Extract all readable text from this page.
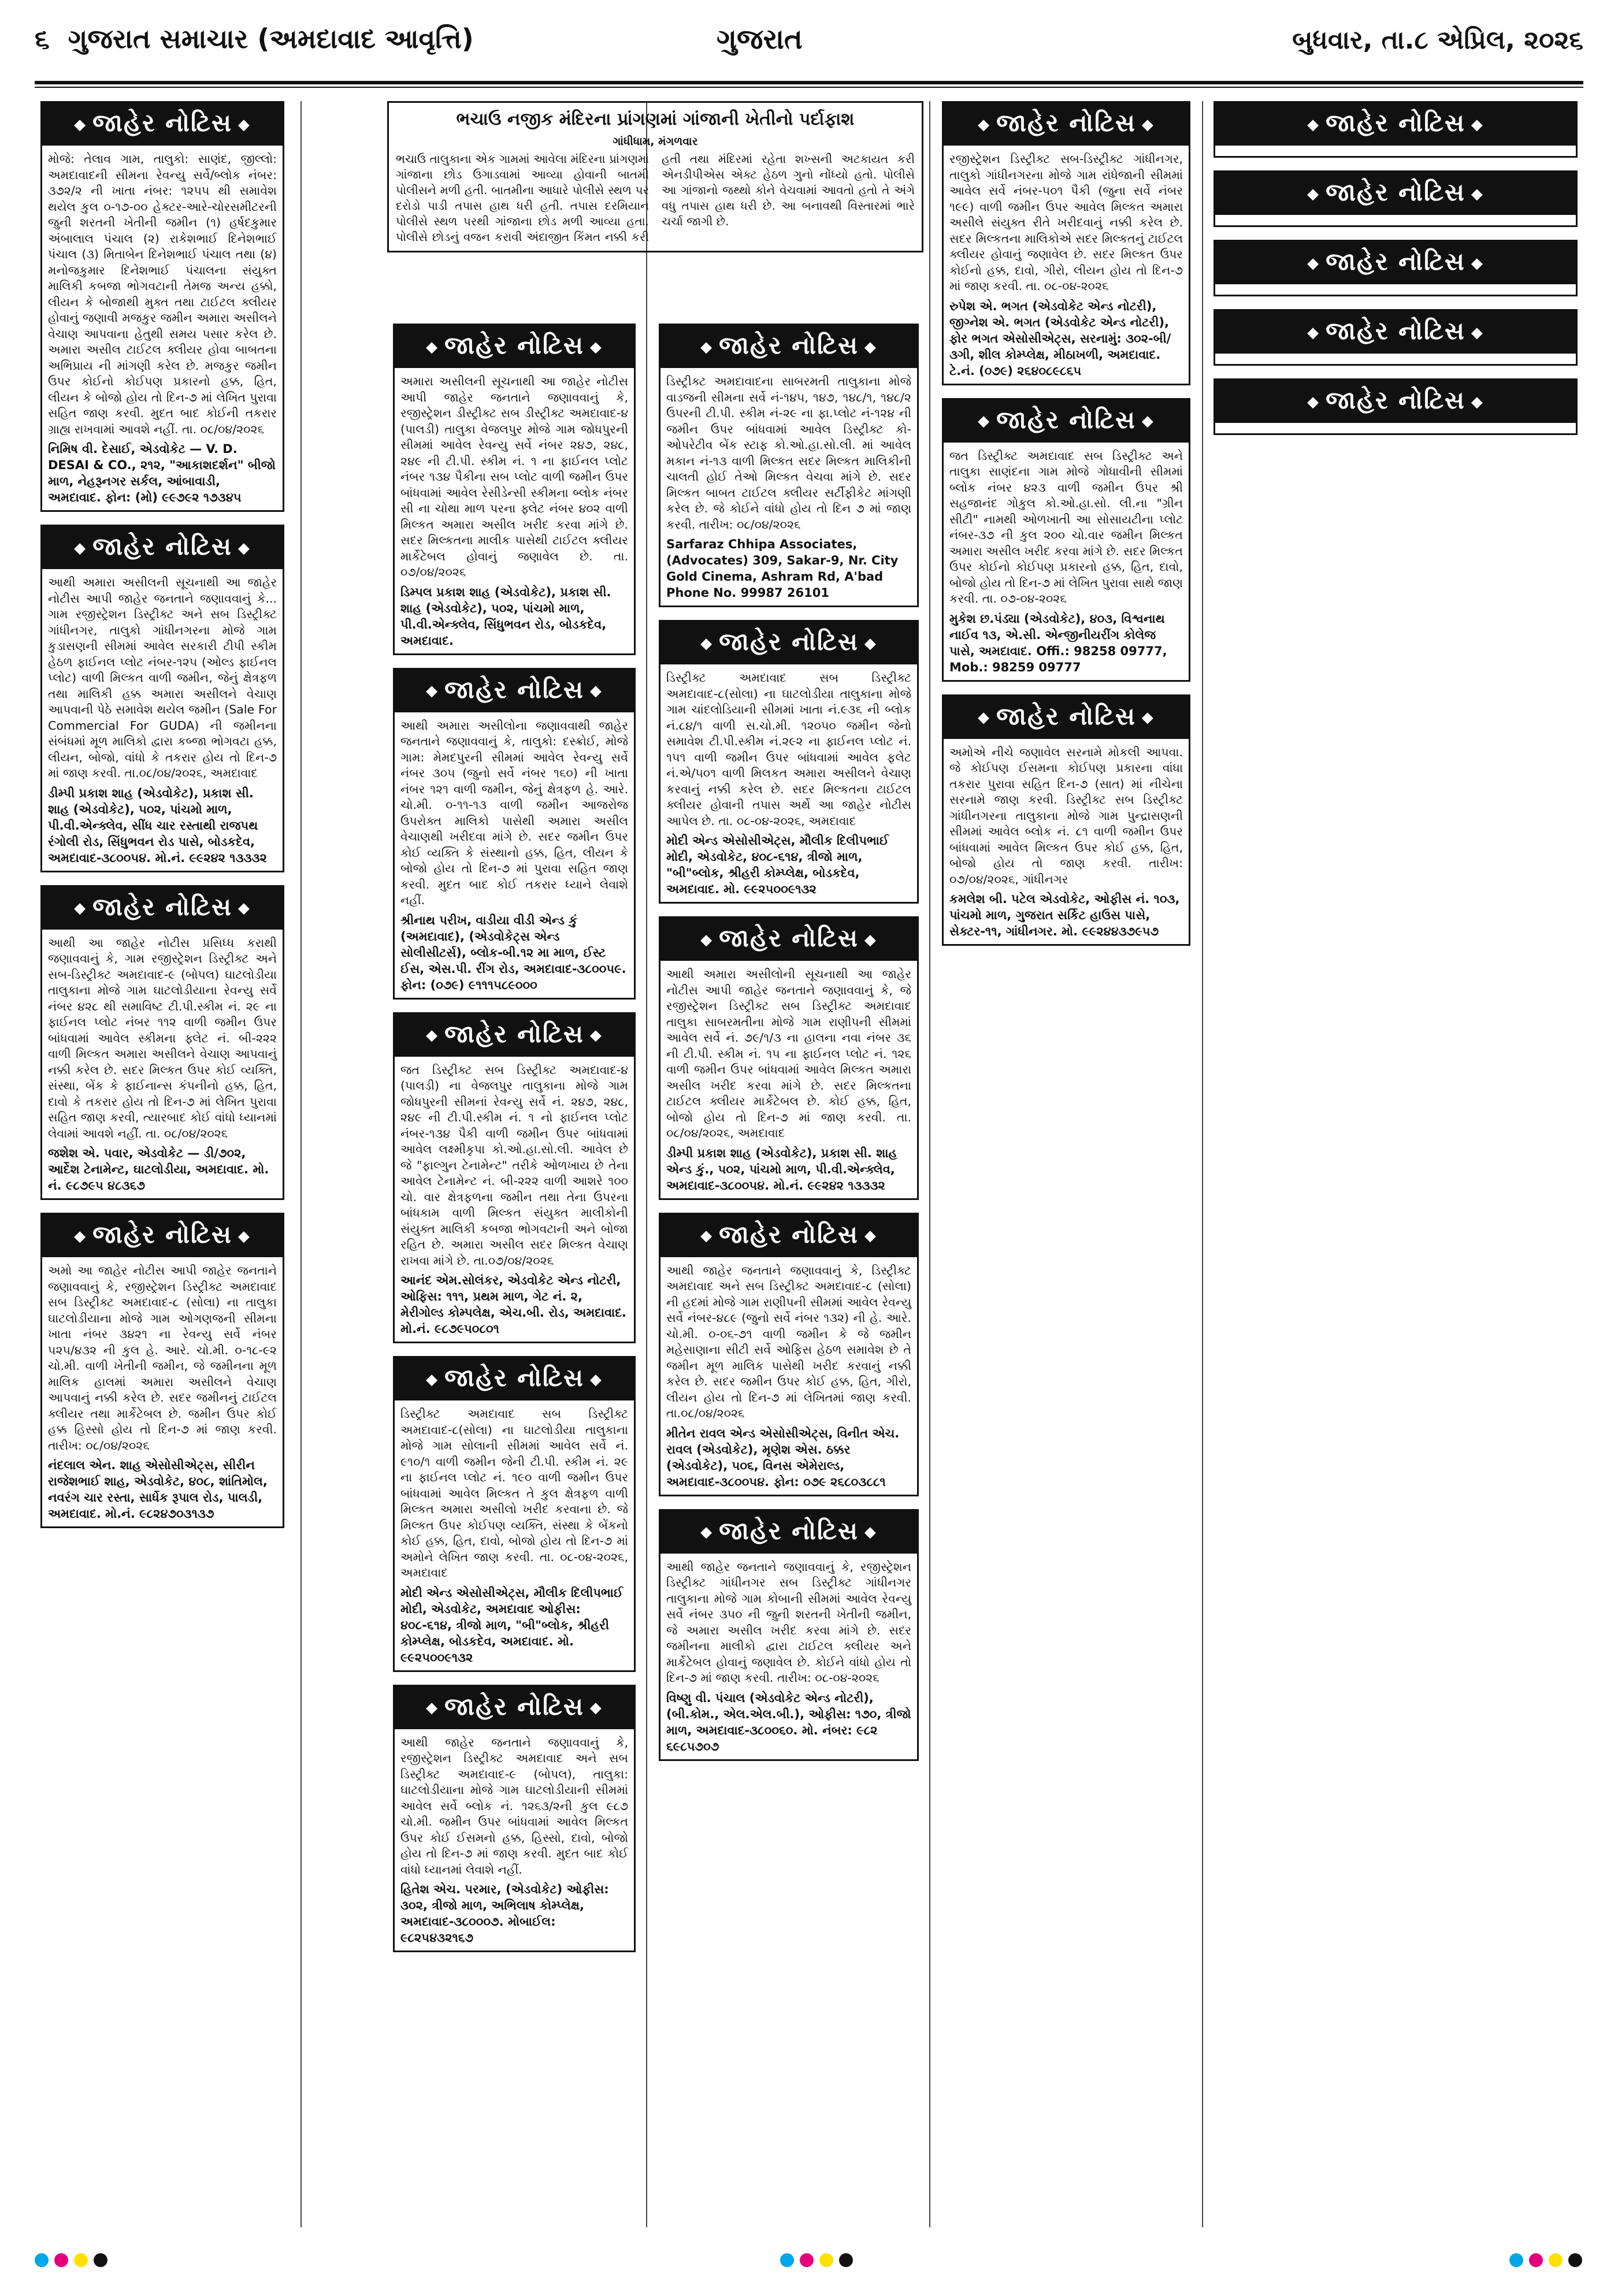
૬ ગુજરાત સમાચાર (અમદાવાદ આવૃત્તિ)	ગુજરાત	બુધવાર, તા.૮ એપ્રિલ, ૨૦૨૬
◆ જાહેર નોટિસ ◆
મોજે: તેલાવ ગામ, તાલુકો: સાણંદ, જીલ્લો: અમદાવાદની સીમના રેવન્યુ સર્વે/બ્લોક નંબર: ૩૭૨/૨ ની ખાતા નંબર: ૧૨૫૫ થી સમાવેશ થયેલ કુલ ૦-૧૭-૦૦ હેક્ટર-આરે-ચોરસમીટરની જુની શરતની ખેતીની જમીન (૧) હર્ષદકુમાર અંબાલાલ પંચાલ (૨) રાકેશભાઈ દિનેશભાઈ પંચાલ (૩) મિતાબેન દિનેશભાઈ પંચાલ તથા (૪) મનોજકુમાર દિનેશભાઈ પંચાલના સંયુક્ત માલિકી કબજા ભોગવટાની તેમજ અન્ય હક્કો, લીયન કે બોજાથી મુક્ત તથા ટાઈટલ ક્લીયર હોવાનું જણાવી મજકુર જમીન અમારા અસીલને વેચાણ આપવાના હેતુથી સમય પસાર કરેલ છે. અમારા અસીલ ટાઈટલ ક્લીયર હોવા બાબતના અભિપ્રાય ની માંગણી કરેલ છે. મજકુર જમીન ઉપર કોઈનો કોઈપણ પ્રકારનો હક્ક, હિત, લીયન કે બોજો હોય તો દિન-૭ માં લેખિત પુરાવા સહિત જાણ કરવી. મુદત બાદ કોઈની તકરાર ગ્રાહ્ય રાખવામાં આવશે નહીં. તા. ૦૮/૦૪/૨૦૨૬
નિમિષ વી. દેસાઈ, એડવોકેટ — V. D. DESAI & CO., ૨૧૨, "આકાશદર્શન" બીજો માળ, નેહરૂનગર સર્કલ, આંબાવાડી, અમદાવાદ. ફોન: (મો) ૯૯૭૯૨ ૧૭૩૪૫
◆ જાહેર નોટિસ ◆
આથી અમારા અસીલની સૂચનાથી આ જાહેર નોટીસ આપી જાહેર જનતાને જણાવવાનું કે... ગામ રજીસ્ટ્રેશન ડિસ્ટ્રીક્ટ અને સબ ડિસ્ટ્રીક્ટ ગાંધીનગર, તાલુકો ગાંધીનગરના મોજે ગામ કુડાસણની સીમમાં આવેલ સરકારી ટીપી સ્કીમ હેઠળ ફાઈનલ પ્લોટ નંબર-૧૨૫ (ઓલ્ડ ફાઈનલ પ્લોટ) વાળી મિલ્કત વાળી જમીન, જેનું ક્ષેત્રફળ તથા માલિકી હક્ક અમારા અસીલને વેચાણ આપવાની પેઠે સમાવેશ થયેલ જમીન (Sale For Commercial For GUDA) ની જમીનના સંબંધમાં મૂળ માલિકો દ્વારા કબ્જા ભોગવટા હક્ક, લીયન, બોજો, વાંધો કે તકરાર હોય તો દિન-૭ માં જાણ કરવી. તા.૦૮/૦૪/૨૦૨૬, અમદાવાદ
ડીમ્પી પ્રકાશ શાહ (એડવોકેટ), પ્રકાશ સી. શાહ (એડવોકેટ), ૫૦૨, પાંચમો માળ, પી.વી.એન્ક્લેવ, સીંધ ચાર રસ્તાથી રાજપથ રંગોલી રોડ, સિંધુભવન રોડ પાસે, બોડકદેવ, અમદાવાદ-૩૮૦૦૫૪. મો.નં. ૯૯૨૪૨ ૧૩૩૩૨
◆ જાહેર નોટિસ ◆
આથી આ જાહેર નોટીસ પ્રસિધ્ધ કરાથી જણાવવાનું કે, ગામ રજીસ્ટ્રેશન ડિસ્ટ્રીક્ટ અને સબ-ડિસ્ટ્રીક્ટ અમદાવાદ-૯ (બોપલ) ઘાટલોડીયા તાલુકાના મોજે ગામ ઘાટલોડીયાના રેવન્યુ સર્વે નંબર ૪૨૮ થી સમાવિષ્ટ ટી.પી.સ્કીમ નં. ૨૯ ના ફાઈનલ પ્લોટ નંબર ૧૧૨ વાળી જમીન ઉપર બાંધવામાં આવેલ સ્કીમના ફ્લેટ નં. બી-૨૨૨ વાળી મિલ્કત અમારા અસીલને વેચાણ આપવાનું નક્કી કરેલ છે. સદર મિલ્કત ઉપર કોઈ વ્યક્તિ, સંસ્થા, બેંક કે ફાઈનાન્સ કંપનીનો હક્ક, હિત, દાવો કે તકરાર હોય તો દિન-૭ માં લેખિત પુરાવા સહિત જાણ કરવી, ત્યારબાદ કોઈ વાંધો ધ્યાનમાં લેવામાં આવશે નહીં. તા. ૦૮/૦૪/૨૦૨૬
જશેશ એ. પવાર, એડવોકેટ — ડી/૭૦૨, આર્દેશ ટેનામેન્ટ, ઘાટલોડીયા, અમદાવાદ. મો. નં. ૯૮૭૯૫ ૪૮૩૬૭
◆ જાહેર નોટિસ ◆
અમો આ જાહેર નોટીસ આપી જાહેર જનતાને જણાવવાનું કે, રજીસ્ટ્રેશન ડિસ્ટ્રીક્ટ અમદાવાદ સબ ડિસ્ટ્રીક્ટ અમદાવાદ-૮ (સોલા) ના તાલુકા ઘાટલોડીયાના મોજે ગામ ઓગણજની સીમના ખાતા નંબર ૩૪૨૧ ના રેવન્યુ સર્વે નંબર ૫૨૫/૪૩૨ ની કુલ હે. આરે. ચો.મી. ૦-૧૮-૯૨ ચો.મી. વાળી ખેતીની જમીન, જે જમીનના મૂળ માલિક હાલમાં અમારા અસીલને વેચાણ આપવાનું નક્કી કરેલ છે. સદર જમીનનું ટાઈટલ ક્લીયર તથા માર્કેટેબલ છે. જમીન ઉપર કોઈ હક્ક હિસ્સો હોય તો દિન-૭ માં જાણ કરવી. તારીખ: ૦૮/૦૪/૨૦૨૬
નંદલાલ એન. શાહ એસોસીએટ્સ, સીરીન રાજેશભાઈ શાહ, એડવોકેટ, ૪૦૮, શાંતિમોલ, નવરંગ ચાર રસ્તા, સાર્ધેક રૂપાલ રોડ, પાલડી, અમદાવાદ. મો.નં. ૯૮૨૪૭૦૩૧૩૭
ભચાઉ નજીક મંદિરના પ્રાંગણમાં ગાંજાની ખેતીનો પર્દાફાશ
ગાંધીધામ, મંગળવાર
ભચાઉ તાલુકાના એક ગામમાં આવેલા મંદિરના પ્રાંગણમાં ગાંજાના છોડ ઉગાડવામાં આવ્યા હોવાની બાતમી પોલીસને મળી હતી. બાતમીના આધારે પોલીસે સ્થળ પર દરોડો પાડી તપાસ હાથ ધરી હતી. તપાસ દરમિયાન પોલીસે સ્થળ પરથી ગાંજાના છોડ મળી આવ્યા હતા. પોલીસે છોડનું વજન કરાવી અંદાજીત કિંમત નક્કી કરી હતી તથા મંદિરમાં રહેતા શખ્સની અટકાયત કરી એનડીપીએસ એક્ટ હેઠળ ગુનો નોંધ્યો હતો. પોલીસે આ ગાંજાનો જથ્થો કોને વેચવામાં આવતો હતો તે અંગે વધુ તપાસ હાથ ધરી છે. આ બનાવથી વિસ્તારમાં ભારે ચર્ચા જાગી છે.
◆ જાહેર નોટિસ ◆
અમારા અસીલની સૂચનાથી આ જાહેર નોટીસ આપી જાહેર જનતાને જણાવવાનું કે, રજીસ્ટ્રેશન ડીસ્ટ્રીક્ટ સબ ડીસ્ટ્રીક્ટ અમદાવાદ-૪ (પાલડી) તાલુકા વેજલપુર મોજે ગામ જોધપુરની સીમમાં આવેલ રેવન્યુ સર્વે નંબર ૨૪૭, ૨૪૮, ૨૪૯ ની ટી.પી. સ્કીમ નં. ૧ ના ફાઈનલ પ્લોટ નંબર ૧૩૪ પૈકીના સબ પ્લોટ વાળી જમીન ઉપર બાંધવામાં આવેલ રેસીડેન્સી સ્કીમના બ્લોક નંબર સી ના ચોથા માળ પરના ફ્લેટ નંબર ૪૦૨ વાળી મિલ્કત અમારા અસીલ ખરીદ કરવા માંગે છે. સદર મિલ્કતના માલીક પાસેથી ટાઈટલ ક્લીયર માર્કેટેબલ હોવાનું જણાવેલ છે. તા. ૦૭/૦૪/૨૦૨૬
ડિમ્પલ પ્રકાશ શાહ (એડવોકેટ), પ્રકાશ સી. શાહ (એડવોકેટ), ૫૦૨, પાંચમો માળ, પી.વી.એન્ક્લેવ, સિંધુભવન રોડ, બોડકદેવ, અમદાવાદ.
◆ જાહેર નોટિસ ◆
આથી અમારા અસીલોના જણાવવાથી જાહેર જનતાને જણાવવાનું કે, તાલુકો: દસ્ક્રોઈ, મોજે ગામ: મેમદપુરની સીમમાં આવેલ રેવન્યુ સર્વે નંબર ૩૦૫ (જુનો સર્વે નંબર ૧૬૦) ની ખાતા નંબર ૧૨૧ વાળી જમીન, જેનું ક્ષેત્રફળ હે. આરે. ચો.મી. ૦-૧૧-૧૩ વાળી જમીન આજરોજ ઉપરોક્ત માલિકો પાસેથી અમારા અસીલ વેચાણથી ખરીદવા માંગે છે. સદર જમીન ઉપર કોઈ વ્યક્તિ કે સંસ્થાનો હક્ક, હિત, લીયન કે બોજો હોય તો દિન-૭ માં પુરાવા સહિત જાણ કરવી. મુદત બાદ કોઈ તકરાર ધ્યાને લેવાશે નહીં.
શ્રીનાથ પરીખ, વાડીયા વીડી એન્ડ કું (અમદાવાદ), (એડવોકેટ્સ એન્ડ સોલીસીટર્સ), બ્લોક-બી.૧૨ મા માળ, ઈસ્ટ ઈસ, એસ.પી. રીંગ રોડ, અમદાવાદ-૩૮૦૦૫૯. ફોન: (૦૭૯) ૯૧૧૧૫૮૯૦૦૦
◆ જાહેર નોટિસ ◆
જત ડિસ્ટ્રીક્ટ સબ ડિસ્ટ્રીક્ટ અમદાવાદ-૪ (પાલડી) ના વેજલપુર તાલુકાના મોજે ગામ જોધપુરની સીમનાં રેવન્યુ સર્વે નં. ૨૪૭, ૨૪૮, ૨૪૯ ની ટી.પી.સ્કીમ નં. ૧ નો ફાઈનલ પ્લોટ નંબર-૧૩૪ પૈકી વાળી જમીન ઉપર બાંધવામાં આવેલ લક્ષ્મીકૃપા કો.ઓ.હા.સો.લી. આવેલ છે જે "ફાલ્ગુન ટેનામેન્ટ" તરીકે ઓળખાય છે તેના આવેલ ટેનામેન્ટ નં. બી-૨૨૨ વાળી આશરે ૧૦૦ ચો. વાર ક્ષેત્રફળના જમીન તથા તેના ઉપરના બાંધકામ વાળી મિલ્કત સંયુક્ત માલીકોની સંયુક્ત માલિકી કબજા ભોગવટાની અને બોજા રહિત છે. અમારા અસીલ સદર મિલ્કત વેચાણ રાખવા માંગે છે. તા.૦૭/૦૪/૨૦૨૬
આનંદ એમ.સોલંકર, એડવોકેટ એન્ડ નોટરી, ઓફિસ: ૧૧૧, પ્રથમ માળ, ગેટ નં. ૨, મેરીગોલ્ડ કોમ્પલેક્ષ, એચ.બી. રોડ, અમદાવાદ. મો.નં. ૯૮૭૯૫૦૮૦૧
◆ જાહેર નોટિસ ◆
ડિસ્ટ્રીક્ટ અમદાવાદ સબ ડિસ્ટ્રીક્ટ અમદાવાદ-૮(સોલા) ના ઘાટલોડીયા તાલુકાના મોજે ગામ સોલાની સીમમાં આવેલ સર્વે નં. ૯૧૦/૧ વાળી જમીન જેની ટી.પી. સ્કીમ નં. ૨૯ ના ફાઈનલ પ્લોટ નં. ૧૯૦ વાળી જમીન ઉપર બાંધવામાં આવેલ મિલ્કત તે કુલ ક્ષેત્રફળ વાળી મિલ્કત અમારા અસીલો ખરીદ કરવાના છે. જે મિલ્કત ઉપર કોઈપણ વ્યક્તિ, સંસ્થા કે બેંકનો કોઈ હક્ક, હિત, દાવો, બોજો હોય તો દિન-૭ માં અમોને લેખિત જાણ કરવી. તા. ૦૮-૦૪-૨૦૨૬, અમદાવાદ
મોદી એન્ડ એસોસીએટ્સ, મૌલીક દિલીપભાઈ મોદી, એડવોકેટ, અમદાવાદ ઓફીસ: ૪૦૮-૬૧૪, ત્રીજો માળ, "બી"બ્લોક, શ્રીહરી કોમ્પ્લેક્ષ, બોડકદેવ, અમદાવાદ. મો. ૯૯૨૫૦૦૯૧૩૨
◆ જાહેર નોટિસ ◆
આથી જાહેર જનતાને જણાવવાનું કે, રજીસ્ટ્રેશન ડિસ્ટ્રીક્ટ અમદાવાદ અને સબ ડિસ્ટ્રીક્ટ અમદાવાદ-૯ (બોપલ), તાલુકા: ઘાટલોડીયાના મોજે ગામ ઘાટલોડીયાની સીમમાં આવેલ સર્વે બ્લોક નં. ૧૨૬૩/૨ની કુલ ૯૮૭ ચો.મી. જમીન ઉપર બાંધવામાં આવેલ મિલ્કત ઉપર કોઈ ઈસમનો હક્ક, હિસ્સો, દાવો, બોજો હોય તો દિન-૭ માં જાણ કરવી. મુદત બાદ કોઈ વાંધો ધ્યાનમાં લેવાશે નહીં.
હિતેશ એચ. પરમાર, (એડવોકેટ) ઓફીસ: ૩૦૨, ત્રીજો માળ, અભિલાષ કોમ્પ્લેક્ષ, અમદાવાદ-૩૮૦૦૦૭. મોબાઈલ: ૯૮૨૫૪૩૨૧૬૭
◆ જાહેર નોટિસ ◆
ડિસ્ટ્રીક્ટ અમદાવાદના સાબરમતી તાલુકાના મોજે વાડજની સીમના સર્વે નં-૧૪૫, ૧૪૭, ૧૪૮/૧, ૧૪૮/૨ ઉપરની ટી.પી. સ્કીમ નં-૨૯ ના ફા.પ્લોટ નં-૧૨૪ ની જમીન ઉપર બાંધવામાં આવેલ ડિસ્ટ્રીક્ટ કો-ઓપરેટીવ બેંક સ્ટાફ કો.ઓ.હા.સો.લી. માં આવેલ મકાન નં-૧૩ વાળી મિલ્કત સદર મિલ્કત માલિકીની ચાલતી હોઈ તેઓ મિલ્કત વેચવા માંગે છે. સદર મિલ્કત બાબત ટાઈટલ ક્લીયર સર્ટીફીકેટ માંગણી કરેલ છે. જે કોઈને વાંધો હોય તો દિન ૭ માં જાણ કરવી. તારીખ: ૦૮/૦૪/૨૦૨૬
Sarfaraz Chhipa Associates, (Advocates) 309, Sakar-9, Nr. City Gold Cinema, Ashram Rd, A'bad Phone No. 99987 26101
◆ જાહેર નોટિસ ◆
ડિસ્ટ્રીક્ટ અમદાવાદ સબ ડિસ્ટ્રીક્ટ અમદાવાદ-૮(સોલા) ના ઘાટલોડીયા તાલુકાના મોજે ગામ ચાંદલોડિયાની સીમમાં ખાતા નં.૯૩૬ ની બ્લોક નં.૮૪/૧ વાળી સ.ચો.મી. ૧૨૦૫૦ જમીન જેનો સમાવેશ ટી.પી.સ્કીમ નં.૨૯૨ ના ફાઈનલ પ્લોટ નં. ૧૫૧ વાળી જમીન ઉપર બાંધવામાં આવેલ ફલેટ નં.એ/૫૦૧ વાળી મિલકત અમારા અસીલને વેચાણ કરવાનું નક્કી કરેલ છે. સદર મિલ્કતના ટાઈટલ ક્લીયર હોવાની તપાસ અર્થે આ જાહેર નોટીસ આપેલ છે. તા. ૦૮-૦૪-૨૦૨૬, અમદાવાદ
મોદી એન્ડ એસોસીએટ્સ, મૌલીક દિલીપભાઈ મોદી, એડવોકેટ, ૪૦૮-૬૧૪, ત્રીજો માળ, "બી"બ્લોક, શ્રીહરી કોમ્પ્લેક્ષ, બોડકદેવ, અમદાવાદ. મો. ૯૯૨૫૦૦૯૧૩૨
◆ જાહેર નોટિસ ◆
આથી અમારા અસીલોની સૂચનાથી આ જાહેર નોટીસ આપી જાહેર જનતાને જણાવવાનું કે, જે રજીસ્ટ્રેશન ડિસ્ટ્રીક્ટ સબ ડિસ્ટ્રીક્ટ અમદાવાદ તાલુકા સાબરમતીના મોજે ગામ રાણીપની સીમમાં આવેલ સર્વે નં. ૭૯/૧/૩ ના હાલના નવા નંબર ૩૬ ની ટી.પી. સ્કીમ નં. ૧૫ ના ફાઈનલ પ્લોટ નં. ૧૨૬ વાળી જમીન ઉપર બાંધવામાં આવેલ મિલ્કત અમારા અસીલ ખરીદ કરવા માંગે છે. સદર મિલ્કતના ટાઈટલ ક્લીયર માર્કેટેબલ છે. કોઈ હક્ક, હિત, બોજો હોય તો દિન-૭ માં જાણ કરવી. તા. ૦૮/૦૪/૨૦૨૬, અમદાવાદ
ડીમ્પી પ્રકાશ શાહ (એડવોકેટ), પ્રકાશ સી. શાહ એન્ડ કું., ૫૦૨, પાંચમો માળ, પી.વી.એન્ક્લેવ, અમદાવાદ-૩૮૦૦૫૪. મો.નં. ૯૯૨૪૨ ૧૩૩૩૨
◆ જાહેર નોટિસ ◆
આથી જાહેર જનતાને જણાવવાનું કે, ડિસ્ટ્રીક્ટ અમદાવાદ અને સબ ડિસ્ટ્રીક્ટ અમદાવાદ-૮ (સોલા) ની હદમાં મોજે ગામ રાણીપની સીમમાં આવેલ રેવન્યુ સર્વે નંબર-૪૮૯ (જુનો સર્વે નંબર ૧૩૨) ની હે. આરે. ચો.મી. ૦-૦૬-૭૧ વાળી જમીન કે જે જમીન મહેસાણાના સીટી સર્વે ઓફિસ હેઠળ સમાવેશ છે તે જમીન મૂળ માલિક પાસેથી ખરીદ કરવાનું નક્કી કરેલ છે. સદર જમીન ઉપર કોઈ હક્ક, હિત, ગીરો, લીયન હોય તો દિન-૭ માં લેખિતમાં જાણ કરવી. તા.૦૮/૦૪/૨૦૨૬
મીતેન રાવલ એન્ડ એસોસીએટ્સ, વિનીત એચ. રાવલ (એડવોકેટ), મૃણેશ એસ. ઠક્કર (એડવોકેટ), ૫૦૬, વિનસ એમેરાલ્ડ, અમદાવાદ-૩૮૦૦૫૪. ફોન: ૦૭૯ ૨૬૮૦૩૮૮૧
◆ જાહેર નોટિસ ◆
આથી જાહેર જનતાને જણાવવાનું કે, રજીસ્ટ્રેશન ડિસ્ટ્રીક્ટ ગાંધીનગર સબ ડિસ્ટ્રીક્ટ ગાંધીનગર તાલુકાના મોજે ગામ કોબાની સીમમાં આવેલ રેવન્યુ સર્વે નંબર ૩૫૦ ની જુની શરતની ખેતીની જમીન, જે અમારા અસીલ ખરીદ કરવા માંગે છે. સદર જમીનના માલીકો દ્વારા ટાઈટલ ક્લીયર અને માર્કેટેબલ હોવાનું જણાવેલ છે. કોઈને વાંધો હોય તો દિન-૭ માં જાણ કરવી. તારીખ: ૦૮-૦૪-૨૦૨૬
વિષ્ણુ વી. પંચાલ (એડવોકેટ એન્ડ નોટરી), (બી.કોમ., એલ.એલ.બી.), ઓફીસ: ૧૭૦, ત્રીજો માળ, અમદાવાદ-૩૮૦૦૬૦. મો. નંબર: ૯૮૨ ૬૯૮૫૭૦૭
◆ જાહેર નોટિસ ◆
રજીસ્ટ્રેશન ડિસ્ટ્રીક્ટ સબ-ડિસ્ટ્રીક્ટ ગાંધીનગર, તાલુકો ગાંધીનગરના મોજે ગામ રાંધેજાની સીમમાં આવેલ સર્વે નંબર-૫૦૧ પૈકી (જુના સર્વે નંબર ૧૯૯) વાળી જમીન ઉપર આવેલ મિલ્કત અમારા અસીલે સંયુક્ત રીતે ખરીદવાનું નક્કી કરેલ છે. સદર મિલ્કતના માલિકોએ સદર મિલ્કતનું ટાઈટલ ક્લીયર હોવાનું જણાવેલ છે. સદર મિલ્કત ઉપર કોઈનો હક્ક, દાવો, ગીરો, લીયન હોય તો દિન-૭ માં જાણ કરવી. તા. ૦૮-૦૪-૨૦૨૬
રુપેશ એ. ભગત (એડવોકેટ એન્ડ નોટરી), જીગ્નેશ એ. ભગત (એડવોકેટ એન્ડ નોટરી), ફોર ભગત એસોસીએટ્સ, સરનામું: ૩૦૨-બી/૩ગી, શીલ કોમ્પ્લેક્ષ, મીઠાખળી, અમદાવાદ. ટે.નં. (૦૭૯) ૨૬૪૦૮૯૮૬૫
◆ જાહેર નોટિસ ◆
જત ડિસ્ટ્રીક્ટ અમદાવાદ સબ ડિસ્ટ્રીક્ટ અને તાલુકા સાણંદના ગામ મોજે ગોધાવીની સીમમાં બ્લોક નંબર ૪૨૩ વાળી જમીન ઉપર શ્રી સહજાનંદ ગોકુલ કો.ઓ.હા.સો. લી.ના "ગ્રીન સીટી" નામથી ઓળખાતી આ સોસાયટીના પ્લોટ નંબર-૩૭ ની કુલ ૨૦૦ ચો.વાર જમીન મિલ્કત અમારા અસીલ ખરીદ કરવા માંગે છે. સદર મિલ્કત ઉપર કોઈનો કોઈપણ પ્રકારનો હક્ક, હિત, દાવો, બોજો હોય તો દિન-૭ માં લેખિત પુરાવા સાથે જાણ કરવી. તા. ૦૭-૦૪-૨૦૨૬
મુકેશ છ.પંડ્યા (એડવોકેટ), ૪૦૩, વિશ્વનાથ નાઈવ ૧૩, એ.સી. એન્જીનીયરીંગ કોલેજ પાસે, અમદાવાદ. Offi.: 98258 09777, Mob.: 98259 09777
◆ જાહેર નોટિસ ◆
અમોએ નીચે જણાવેલ સરનામે મોકલી આપવા. જે કોઈપણ ઈસમના કોઈપણ પ્રકારના વાંધા તકરાર પુરાવા સહિત દિન-૭ (સાત) માં નીચેના સરનામે જાણ કરવી. ડિસ્ટ્રીક્ટ સબ ડિસ્ટ્રીક્ટ ગાંધીનગરના તાલુકાના મોજે ગામ પુન્દ્રાસણની સીમમાં આવેલ બ્લોક નં. ૮૧ વાળી જમીન ઉપર બાંધવામાં આવેલ મિલ્કત ઉપર કોઈ હક્ક, હિત, બોજો હોય તો જાણ કરવી. તારીખ: ૦૭/૦૪/૨૦૨૬, ગાંધીનગર
કમલેશ બી. પટેલ એડવોકેટ, ઓફીસ નં. ૧૦૩, પાંચમો માળ, ગુજરાત સર્કિટ હાઉસ પાસે, સેક્ટર-૧૧, ગાંધીનગર. મો. ૯૯૨૪૪૩૭૯૫૭
◆ જાહેર નોટિસ ◆
◆ જાહેર નોટિસ ◆
◆ જાહેર નોટિસ ◆
◆ જાહેર નોટિસ ◆
◆ જાહેર નોટિસ ◆
